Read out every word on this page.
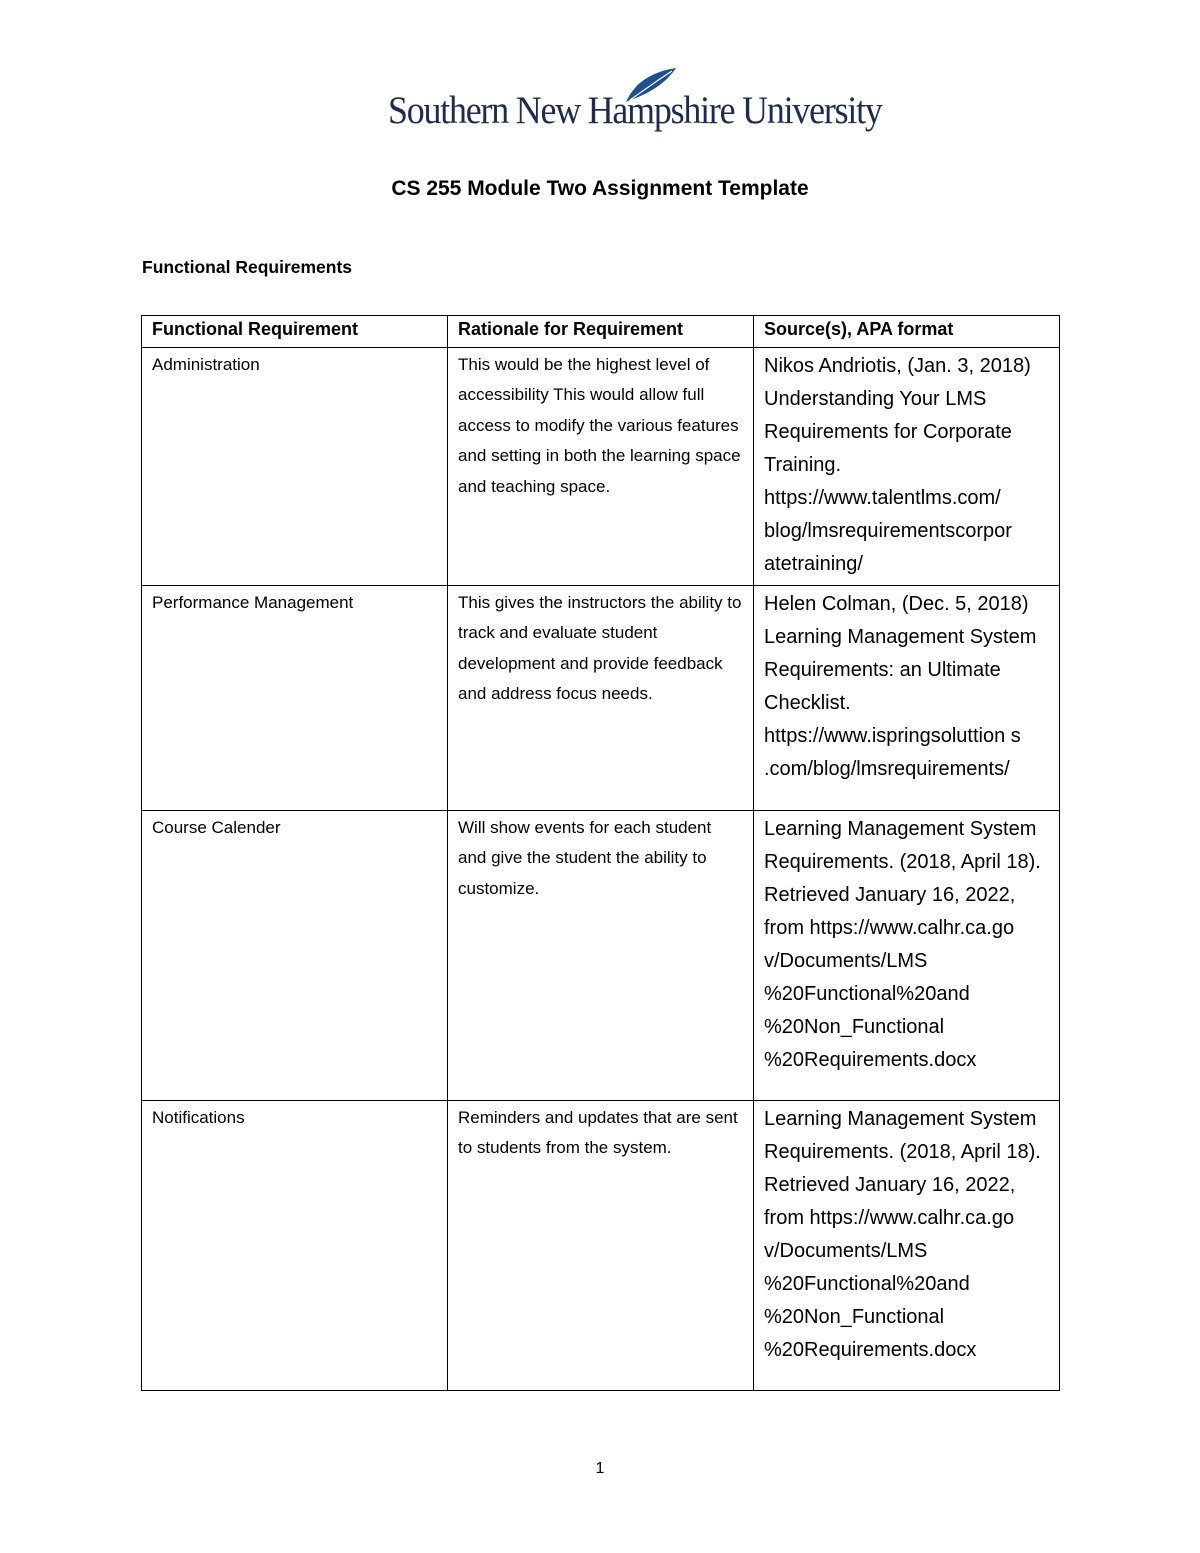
Southern New Hampshire University
CS 255 Module Two Assignment Template
Functional Requirements
Functional Requirement	Rationale for Requirement	Source(s), APA format
Administration	This would be the highest level of accessibility This would allow full access to modify the various features and setting in both the learning space and teaching space.	Nikos Andriotis, (Jan. 3, 2018) Understanding Your LMS Requirements for Corporate Training. https://www.talentlms.com/ blog/lmsrequirementscorpor atetraining/
Performance Management	This gives the instructors the ability to track and evaluate student development and provide feedback and address focus needs.	Helen Colman, (Dec. 5, 2018) Learning Management System Requirements: an Ultimate Checklist. https://www.ispringsoluttion s .com/blog/lmsrequirements/
Course Calender	Will show events for each student and give the student the ability to customize.	Learning Management System Requirements. (2018, April 18). Retrieved January 16, 2022, from https://www.calhr.ca.go v/Documents/LMS %20Functional%20and %20Non_Functional %20Requirements.docx
Notifications	Reminders and updates that are sent to students from the system.	Learning Management System Requirements. (2018, April 18). Retrieved January 16, 2022, from https://www.calhr.ca.go v/Documents/LMS %20Functional%20and %20Non_Functional %20Requirements.docx
1
